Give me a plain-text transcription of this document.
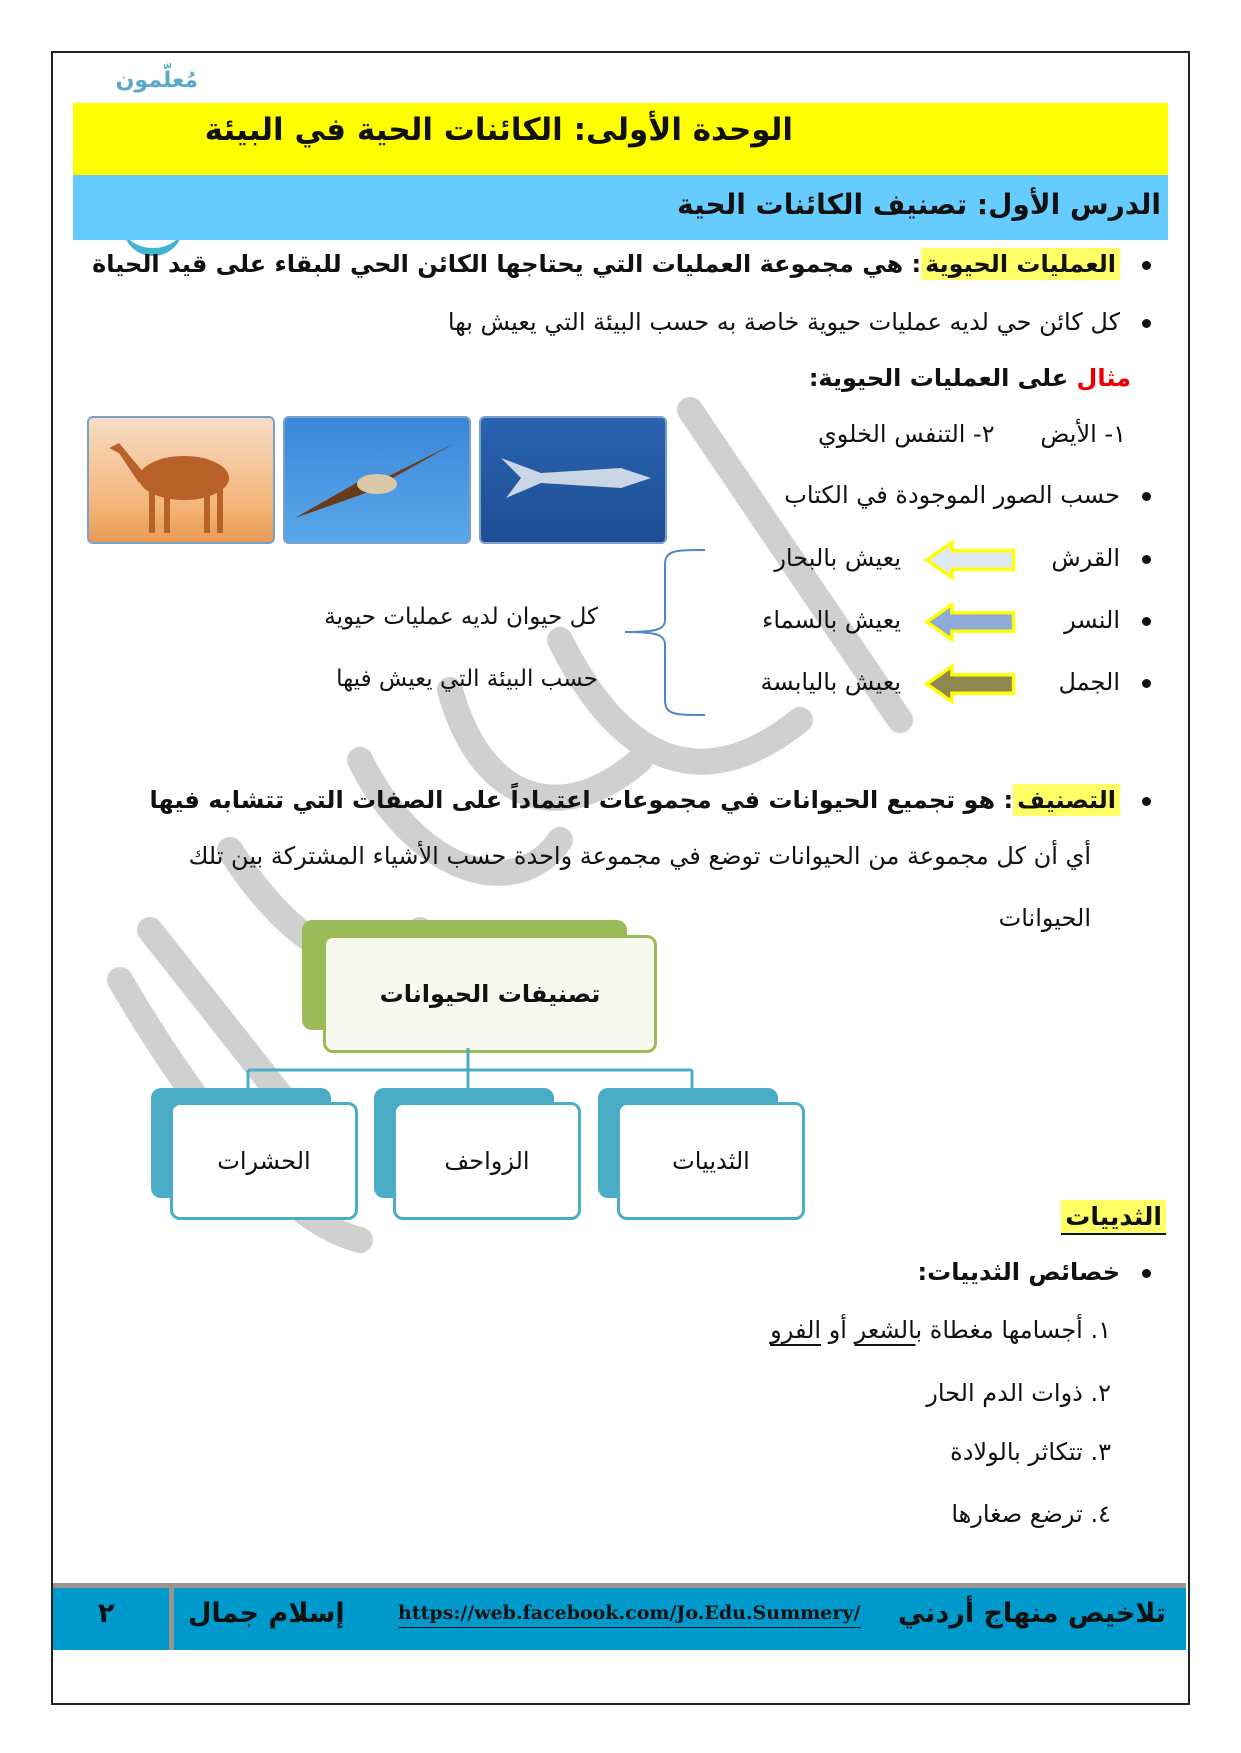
مُعلّمون
الوحدة الأولى: الكائنات الحية في البيئة
الدرس الأول: تصنيف الكائنات الحية
العمليات الحيوية: هي مجموعة العمليات التي يحتاجها الكائن الحي للبقاء على قيد الحياة
كل كائن حي لديه عمليات حيوية خاصة به حسب البيئة التي يعيش بها
مثال على العمليات الحيوية:
١- الأيض      ٢- التنفس الخلوي
حسب الصور الموجودة في الكتاب
القرش
يعيش بالبحار
النسر
يعيش بالسماء
الجمل
يعيش باليابسة
كل حيوان لديه عمليات حيوية
حسب البيئة التي يعيش فيها
التصنيف: هو تجميع الحيوانات في مجموعات اعتماداً على الصفات التي تتشابه فيها
أي أن كل مجموعة من الحيوانات توضع في مجموعة واحدة حسب الأشياء المشتركة بين تلك
الحيوانات
تصنيفات الحيوانات
الثدييات
الزواحف
الحشرات
الثدييات
خصائص الثدييات:
١. أجسامها مغطاة بالشعر أو الفرو
٢. ذوات الدم الحار
٣. تتكاثر بالولادة
٤. ترضع صغارها
تلاخيص منهاج أردني
https://web.facebook.com/Jo.Edu.Summery/
إسلام جمال
٢
